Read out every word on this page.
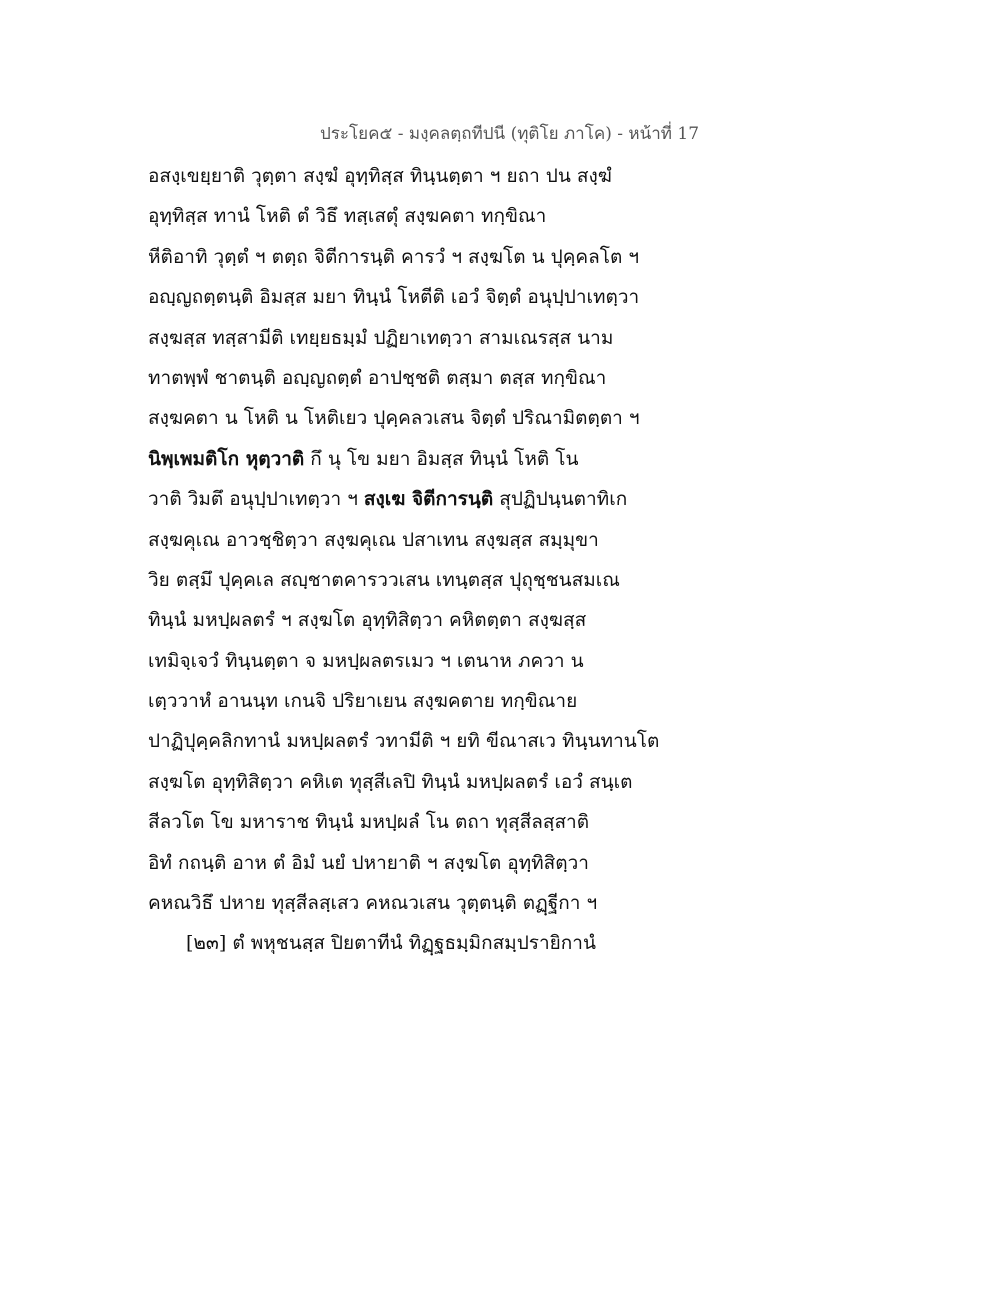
ประโยค๕ - มงฺคลตฺถทีปนี (ทุติโย ภาโค) - หน้าที่ 17
อสงฺเขยฺยาติ วุตฺตา สงฺฆํ อุทฺทิสฺส ทินฺนตฺตา ฯ ยถา ปน สงฺฆํ
อุทฺทิสฺส ทานํ โหติ ตํ วิธึ ทสฺเสตุํ สงฺฆคตา ทกฺขิณา
หีติอาทิ วุตฺตํ ฯ ตตฺถ จิตีการนฺติ คารวํ ฯ สงฺฆโต น ปุคฺคลโต ฯ
อญฺญถตฺตนฺติ อิมสฺส มยา ทินฺนํ โหตีติ เอวํ จิตฺตํ อนุปฺปาเทตฺวา
สงฺฆสฺส ทสฺสามีติ เทยฺยธมฺมํ ปฏิยาเทตฺวา สามเณรสฺส นาม
ทาตพฺพํ ชาตนฺติ อญฺญถตฺตํ อาปชฺชติ ตสฺมา ตสฺส ทกฺขิณา
สงฺฆคตา น โหติ น โหติเยว ปุคฺคลวเสน จิตฺตํ ปริณามิตตฺตา ฯ
นิพฺเพมติโก หุตฺวาติ กึ นุ โข มยา อิมสฺส ทินฺนํ โหติ โน
วาติ วิมตึ อนุปฺปาเทตฺวา ฯ สงฺเฆ จิตีการนฺติ สุปฏิปนฺนตาทิเก
สงฺฆคุเณ อาวชฺชิตฺวา สงฺฆคุเณ ปสาเทน สงฺฆสฺส สมฺมุขา
วิย ตสฺมึ ปุคฺคเล สญฺชาตคารววเสน เทนฺตสฺส ปุถุชฺชนสมเณ
ทินฺนํ มหปฺผลตรํ ฯ สงฺฆโต อุทฺทิสิตฺวา คหิตตฺตา สงฺฆสฺส
เทมิจฺเจวํ ทินฺนตฺตา จ มหปฺผลตรเมว ฯ เตนาห ภควา น
เตฺววาหํ อานนฺท เกนจิ ปริยาเยน สงฺฆคตาย ทกฺขิณาย
ปาฏิปุคฺคลิกทานํ มหปฺผลตรํ วทามีติ ฯ ยทิ ขีณาสเว ทินฺนทานโต
สงฺฆโต อุทฺทิสิตฺวา คหิเต ทุสฺสีเลปิ ทินฺนํ มหปฺผลตรํ เอวํ สนฺเต
สีลวโต โข มหาราช ทินฺนํ มหปฺผลํ โน ตถา ทุสฺสีลสฺสาติ
อิทํ กถนฺติ อาห ตํ อิมํ นยํ ปหายาติ ฯ สงฺฆโต อุทฺทิสิตฺวา
คหณวิธึ ปหาย ทุสฺสีลสฺเสว คหณวเสน วุตฺตนฺติ ตฏฺฐีกา ฯ
[๒๓] ตํ พหุชนสฺส ปิยตาทีนํ ทิฏฺฐธมฺมิกสมฺปรายิกานํ
